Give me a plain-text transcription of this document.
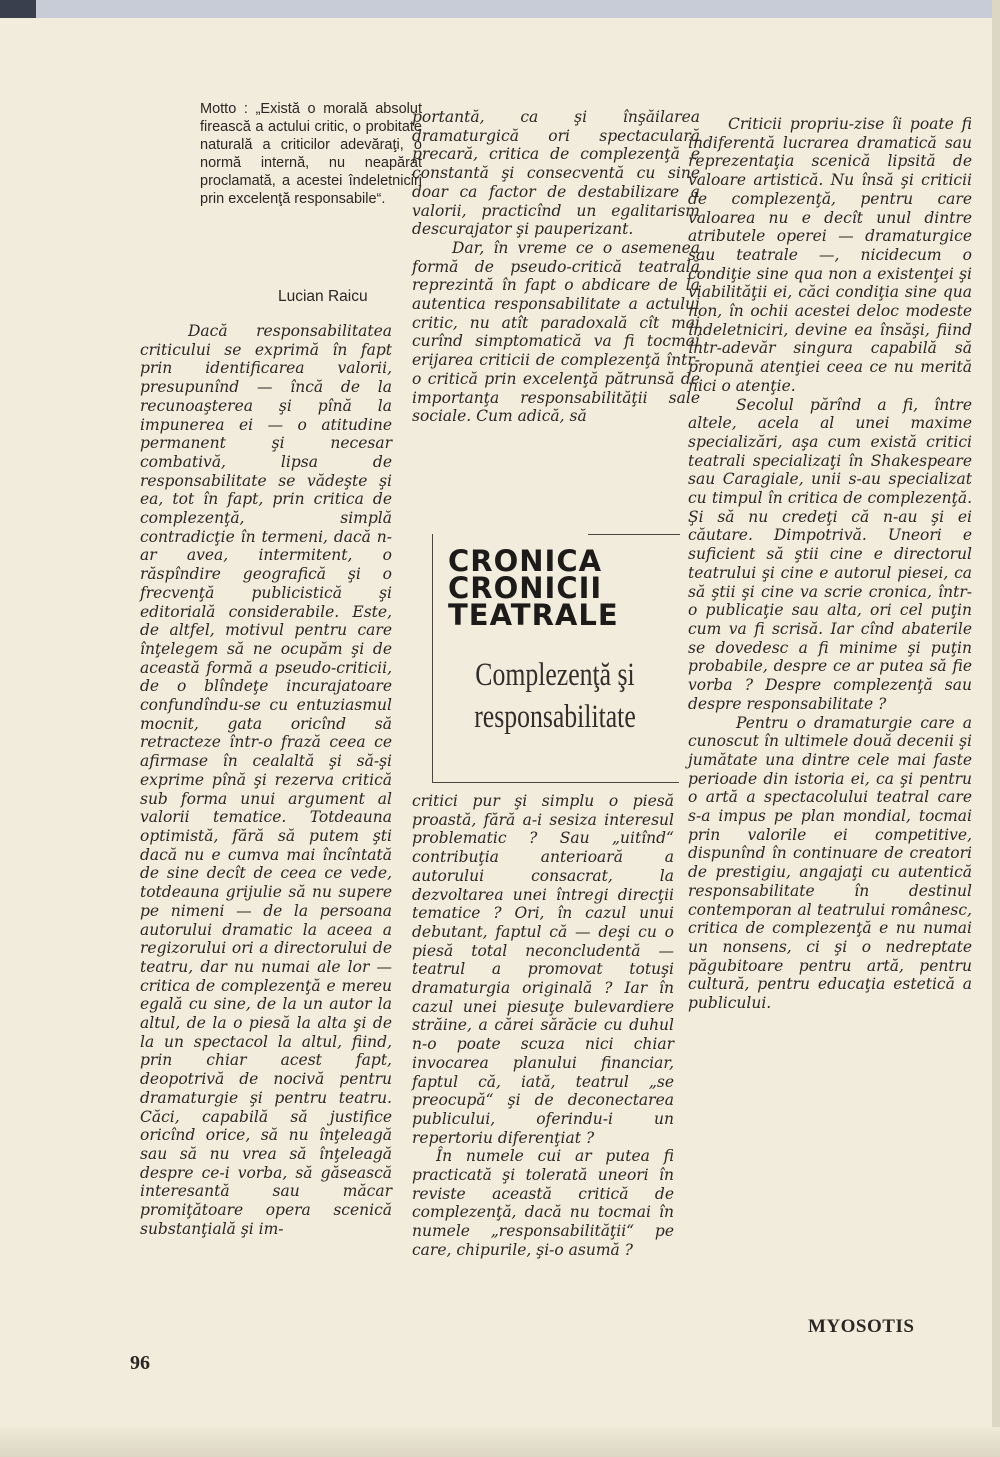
Motto : „Există o morală absolut firească a actului critic, o probitate naturală a criticilor adevăraţi, o normă internă, nu neapărat proclamată, a acestei îndeletniciri prin excelenţă responsabile“.
Lucian Raicu

Dacă responsabilitatea criticului se exprimă în fapt prin identificarea valorii, presupunînd — încă de la recunoaşterea şi pînă la impunerea ei — o atitudine permanent şi necesar combativă, lipsa de responsabilitate se vădeşte şi ea, tot în fapt, prin critica de complezenţă, simplă contradicţie în termeni, dacă n-ar avea, intermitent, o răspîndire geografică şi o frecvenţă publicistică şi editorială considerabile. Este, de altfel, motivul pentru care înţelegem să ne ocupăm şi de această formă a pseudo-criticii, de o blîndeţe incurajatoare confundîndu-se cu entuziasmul mocnit, gata oricînd să retracteze într-o frază ceea ce afirmase în cealaltă şi să-şi exprime pînă şi rezerva critică sub forma unui argument al valorii tematice. Totdeauna optimistă, fără să putem şti dacă nu e cumva mai încîntată de sine decît de ceea ce vede, totdeauna grijulie să nu supere pe nimeni — de la persoana autorului dramatic la aceea a regizorului ori a directorului de teatru, dar nu numai ale lor — critica de complezenţă e mereu egală cu sine, de la un autor la altul, de la o piesă la alta şi de la un spectacol la altul, fiind, prin chiar acest fapt, deopotrivă de nocivă pentru dramaturgie şi pentru teatru. Căci, capabilă să justifice oricînd orice, să nu înţeleagă sau să nu vrea să înţeleagă despre ce-i vorba, să găsească interesantă sau măcar promiţătoare opera scenică substanţială şi im-

portantă, ca şi înşăilarea dramaturgică ori spectaculară precară, critica de complezenţă e constantă şi consecventă cu sine doar ca factor de destabilizare a valorii, practicînd un egalitarism descurajator şi pauperizant.

Dar, în vreme ce o asemenea formă de pseudo-critică teatrală reprezintă în fapt o abdicare de la autentica responsabilitate a actului critic, nu atît paradoxală cît mai curînd simptomatică va fi tocmai erijarea criticii de complezenţă într-o critică prin excelenţă pătrunsă de importanţa responsabilităţii sale sociale. Cum adică, să

CRONICA
CRONICII
TEATRALE
Complezenţă şi responsabilitate

critici pur şi simplu o piesă proastă, fără a-i sesiza interesul problematic ? Sau „uitînd“ contribuţia anterioară a autorului consacrat, la dezvoltarea unei întregi direcţii tematice ? Ori, în cazul unui debutant, faptul că — deşi cu o piesă total neconcludentă — teatrul a promovat totuşi dramaturgia originală ? Iar în cazul unei piesuţe bulevardiere străine, a cărei sărăcie cu duhul n-o poate scuza nici chiar invocarea planului financiar, faptul că, iată, teatrul „se preocupă“ şi de deconectarea publicului, oferindu-i un repertoriu diferenţiat ?

În numele cui ar putea fi practicată şi tolerată uneori în reviste această critică de complezenţă, dacă nu tocmai în numele „responsabilităţii“ pe care, chipurile, şi-o asumă ?

Criticii propriu-zise îi poate fi indiferentă lucrarea dramatică sau reprezentaţia scenică lipsită de valoare artistică. Nu însă şi criticii de complezenţă, pentru care valoarea nu e decît unul dintre atributele operei — dramaturgice sau teatrale —, nicidecum o condiţie sine qua non a existenţei şi viabilităţii ei, căci condiţia sine qua non, în ochii acestei deloc modeste îndeletniciri, devine ea însăşi, fiind într-adevăr singura capabilă să propună atenţiei ceea ce nu merită nici o atenţie.

Secolul părînd a fi, între altele, acela al unei maxime specializări, aşa cum există critici teatrali specializaţi în Shakespeare sau Caragiale, unii s-au specializat cu timpul în critica de complezenţă. Şi să nu credeţi că n-au şi ei căutare. Dimpotrivă. Uneori e suficient să ştii cine e directorul teatrului şi cine e autorul piesei, ca să ştii şi cine va scrie cronica, într-o publicaţie sau alta, ori cel puţin cum va fi scrisă. Iar cînd abaterile se dovedesc a fi minime şi puţin probabile, despre ce ar putea să fie vorba ? Despre complezenţă sau despre responsabilitate ?

Pentru o dramaturgie care a cunoscut în ultimele două decenii şi jumătate una dintre cele mai faste perioade din istoria ei, ca şi pentru o artă a spectacolului teatral care s-a impus pe plan mondial, tocmai prin valorile ei competitive, dispunînd în continuare de creatori de prestigiu, angajaţi cu autentică responsabilitate în destinul contemporan al teatrului românesc, critica de complezenţă e nu numai un nonsens, ci şi o nedreptate păgubitoare pentru artă, pentru cultură, pentru educaţia estetică a publicului.

MYOSOTIS
96
